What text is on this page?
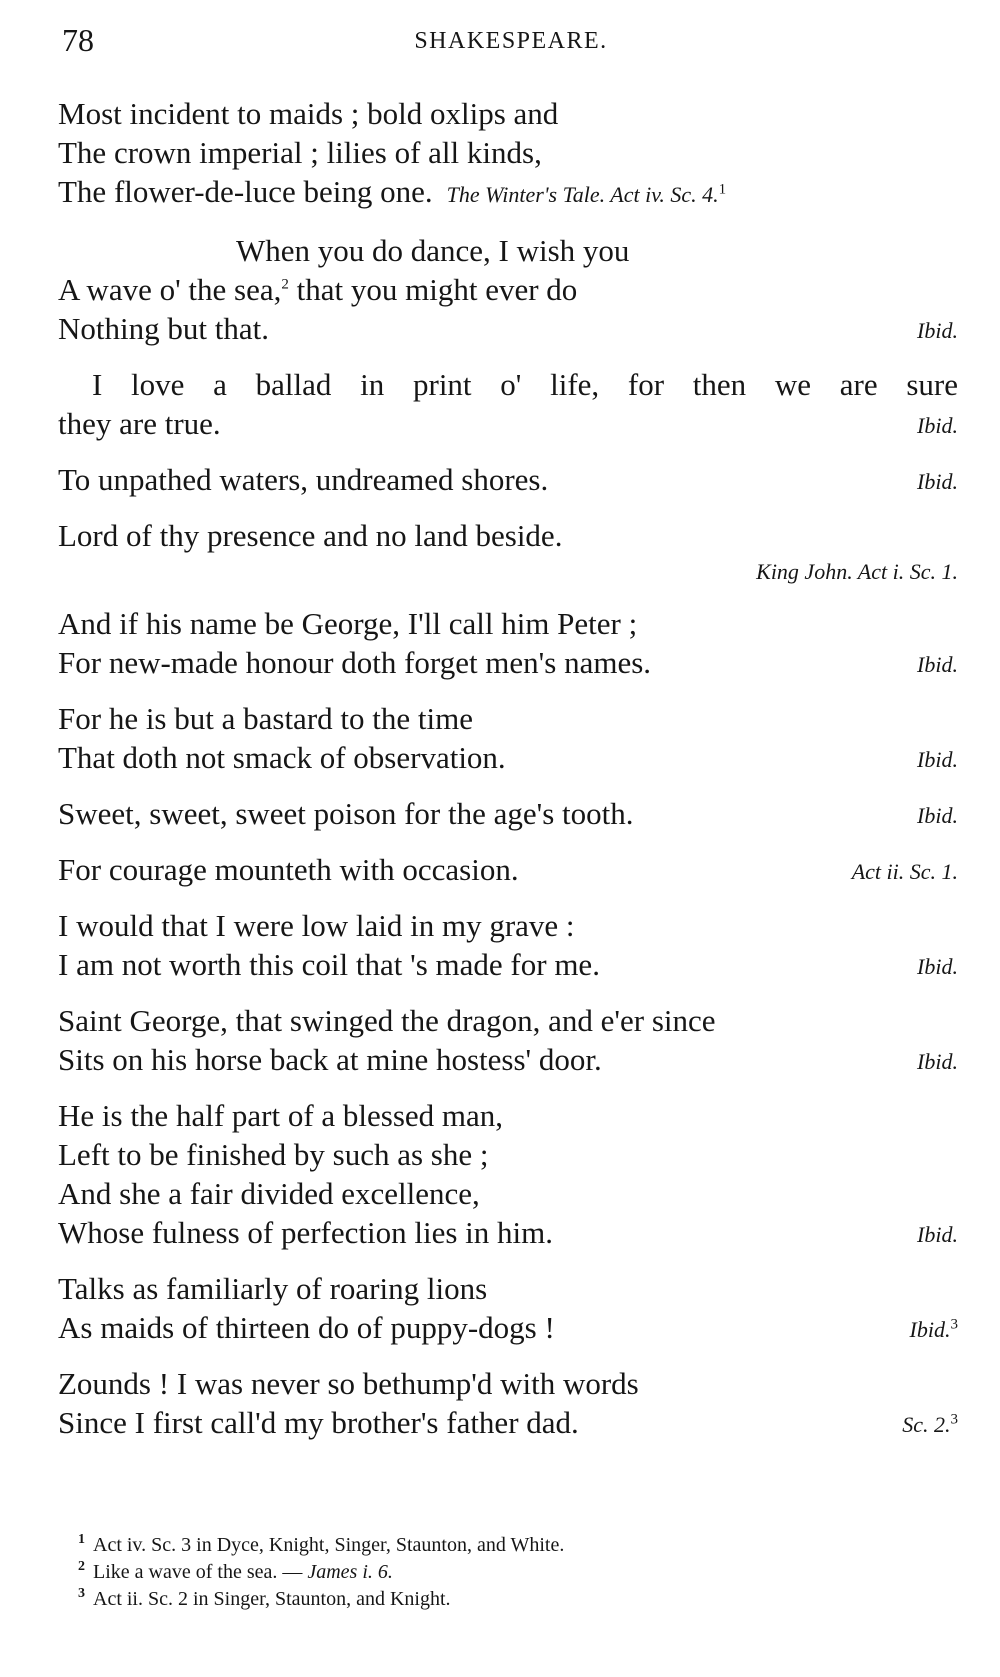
78	SHAKESPEARE.
Most incident to maids ; bold oxlips and
The crown imperial ; lilies of all kinds,
The flower-de-luce being one. The Winter's Tale. Act iv. Sc. 4.$^1$
When you do dance, I wish you
A wave o' the sea,$^2$ that you might ever do
Nothing but that.	Ibid.
I love a ballad in print o' life, for then we are sure
they are true.	Ibid.
To unpathed waters, undreamed shores.	Ibid.
Lord of thy presence and no land beside.
King John. Act i. Sc. 1.
And if his name be George, I'll call him Peter ;
For new-made honour doth forget men's names.	Ibid.
For he is but a bastard to the time
That doth not smack of observation.	Ibid.
Sweet, sweet, sweet poison for the age's tooth.	Ibid.
For courage mounteth with occasion.	Act ii. Sc. 1.
I would that I were low laid in my grave :
I am not worth this coil that 's made for me.	Ibid.
Saint George, that swinged the dragon, and e'er since
Sits on his horse back at mine hostess' door.	Ibid.
He is the half part of a blessed man,
Left to be finished by such as she ;
And she a fair divided excellence,
Whose fulness of perfection lies in him.	Ibid.
Talks as familiarly of roaring lions
As maids of thirteen do of puppy-dogs !	Ibid.$^3$
Zounds ! I was never so bethump'd with words
Since I first call'd my brother's father dad.	Sc. 2.$^3$
$^1$ Act iv. Sc. 3 in Dyce, Knight, Singer, Staunton, and White.
$^2$ Like a wave of the sea. — James i. 6.
$^3$ Act ii. Sc. 2 in Singer, Staunton, and Knight.
